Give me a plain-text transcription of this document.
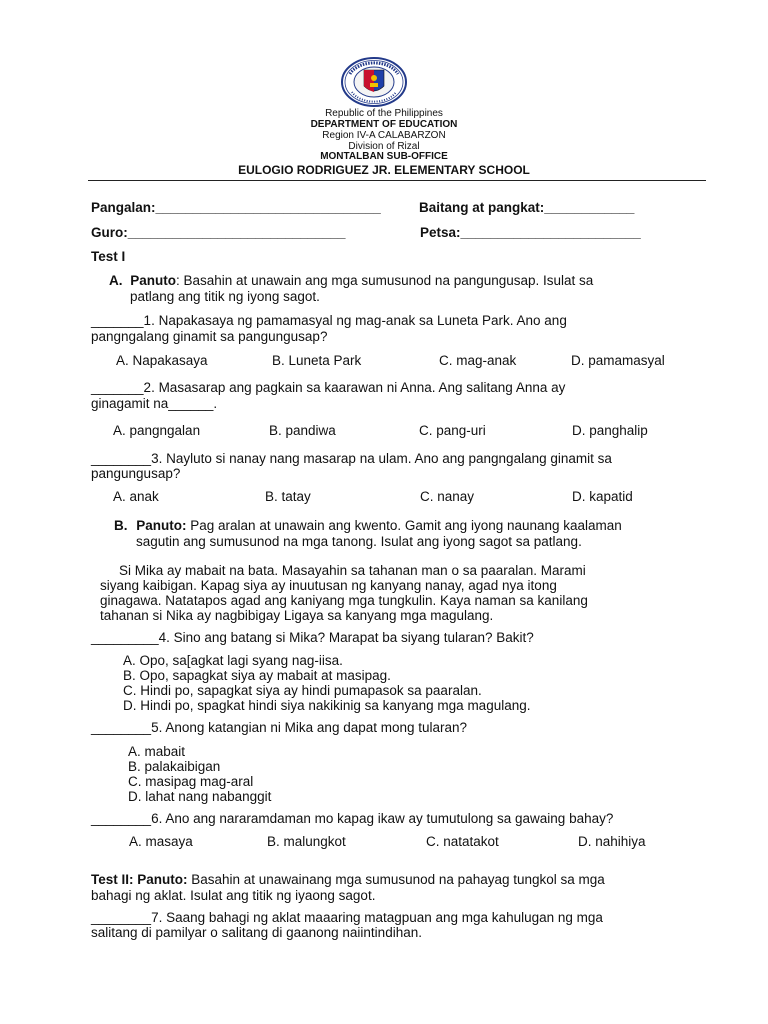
Republic of the Philippines
DEPARTMENT OF EDUCATION
Region IV-A CALABARZON
Division of Rizal
MONTALBAN SUB-OFFICE
EULOGIO RODRIGUEZ JR. ELEMENTARY SCHOOL
Pangalan:______________________________	Baitang at pangkat:____________
Guro:_____________________________	Petsa:________________________
Test I
A. Panuto: Basahin at unawain ang mga sumusunod na pangungusap. Isulat sa
patlang ang titik ng iyong sagot.
_______1. Napakasaya ng pamamasyal ng mag-anak sa Luneta Park. Ano ang
pangngalang ginamit sa pangungusap?
A. Napakasaya	B. Luneta Park	C. mag-anak	D. pamamasyal
_______2. Masasarap ang pagkain sa kaarawan ni Anna. Ang salitang Anna ay
ginagamit na______.
A. pangngalan	B. pandiwa	C. pang-uri	D. panghalip
________3. Nayluto si nanay nang masarap na ulam. Ano ang pangngalang ginamit sa
pangungusap?
A. anak	B. tatay	C. nanay	D. kapatid
B. Panuto: Pag aralan at unawain ang kwento. Gamit ang iyong naunang kaalaman
sagutin ang sumusunod na mga tanong. Isulat ang iyong sagot sa patlang.
Si Mika ay mabait na bata. Masayahin sa tahanan man o sa paaralan. Marami
siyang kaibigan. Kapag siya ay inuutusan ng kanyang nanay, agad nya itong
ginagawa. Natatapos agad ang kaniyang mga tungkulin. Kaya naman sa kanilang
tahanan si Nika ay nagbibigay Ligaya sa kanyang mga magulang.
_________4. Sino ang batang si Mika? Marapat ba siyang tularan? Bakit?
A. Opo, sa[agkat lagi syang nag-iisa.
B. Opo, sapagkat siya ay mabait at masipag.
C. Hindi po, sapagkat siya ay hindi pumapasok sa paaralan.
D. Hindi po, spagkat hindi siya nakikinig sa kanyang mga magulang.
________5. Anong katangian ni Mika ang dapat mong tularan?
A. mabait
B. palakaibigan
C. masipag mag-aral
D. lahat nang nabanggit
________6. Ano ang nararamdaman mo kapag ikaw ay tumutulong sa gawaing bahay?
A. masaya	B. malungkot	C. natatakot	D. nahihiya
Test II: Panuto: Basahin at unawainang mga sumusunod na pahayag tungkol sa mga
bahagi ng aklat. Isulat ang titik ng iyaong sagot.
________7. Saang bahagi ng aklat maaaring matagpuan ang mga kahulugan ng mga
salitang di pamilyar o salitang di gaanong naiintindihan.
